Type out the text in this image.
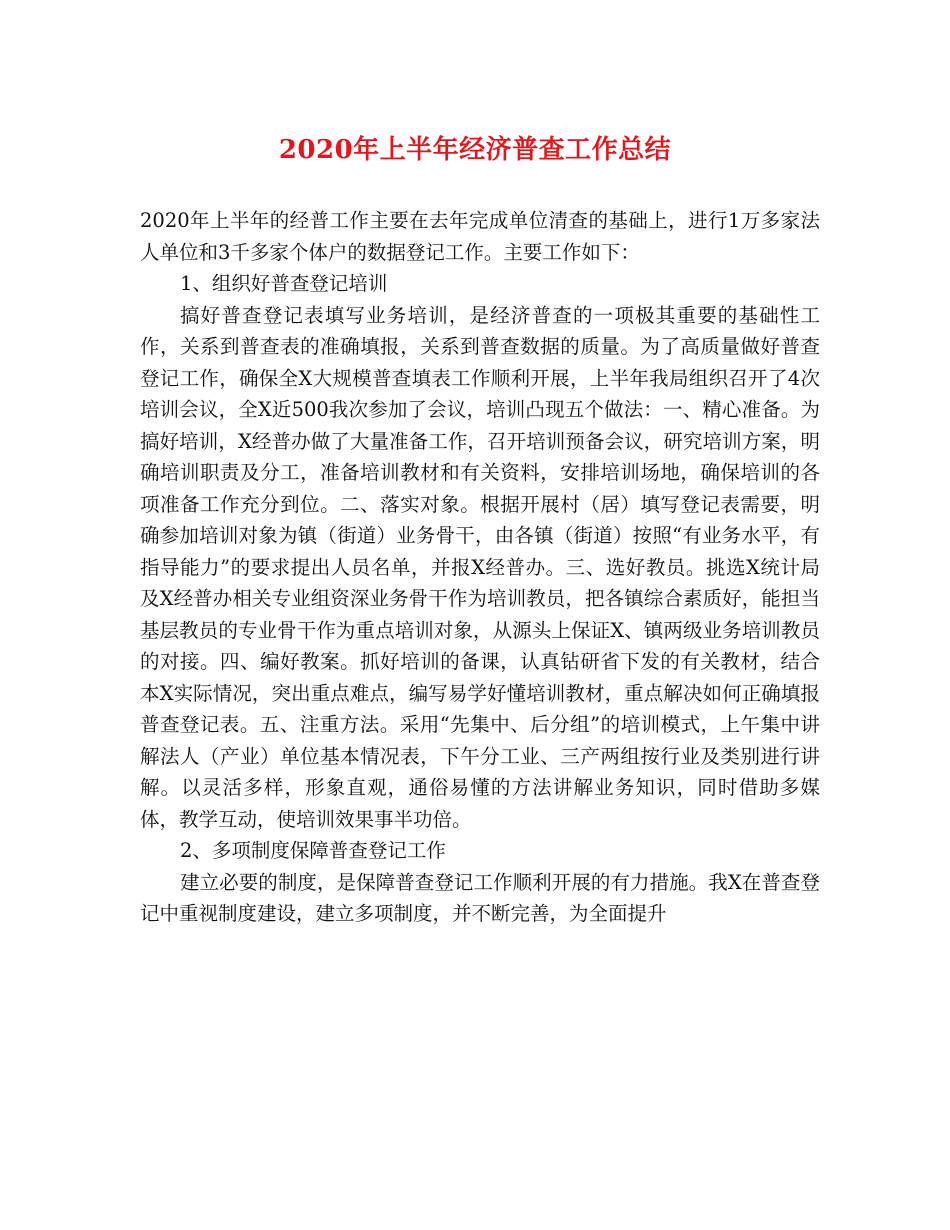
2020年上半年经济普查工作总结

2020年上半年的经普工作主要在去年完成单位清查的基础上，进行1万多家法人单位和3千多家个体户的数据登记工作。主要工作如下：

1、组织好普查登记培训

搞好普查登记表填写业务培训，是经济普查的一项极其重要的基础性工作，关系到普查表的准确填报，关系到普查数据的质量。为了高质量做好普查登记工作，确保全X大规模普查填表工作顺利开展，上半年我局组织召开了4次培训会议，全X近500我次参加了会议，培训凸现五个做法：一、精心准备。为搞好培训，X经普办做了大量准备工作，召开培训预备会议，研究培训方案，明确培训职责及分工，准备培训教材和有关资料，安排培训场地，确保培训的各项准备工作充分到位。二、落实对象。根据开展村（居）填写登记表需要，明确参加培训对象为镇（街道）业务骨干，由各镇（街道）按照“有业务水平，有指导能力”的要求提出人员名单，并报X经普办。三、选好教员。挑选X统计局及X经普办相关专业组资深业务骨干作为培训教员，把各镇综合素质好，能担当基层教员的专业骨干作为重点培训对象，从源头上保证X、镇两级业务培训教员的对接。四、编好教案。抓好培训的备课，认真钻研省下发的有关教材，结合本X实际情况，突出重点难点，编写易学好懂培训教材，重点解决如何正确填报普查登记表。五、注重方法。采用“先集中、后分组”的培训模式，上午集中讲解法人（产业）单位基本情况表，下午分工业、三产两组按行业及类别进行讲解。以灵活多样，形象直观，通俗易懂的方法讲解业务知识，同时借助多媒体，教学互动，使培训效果事半功倍。

2、多项制度保障普查登记工作

建立必要的制度，是保障普查登记工作顺利开展的有力措施。我X在普查登记中重视制度建设，建立多项制度，并不断完善，为全面提升
